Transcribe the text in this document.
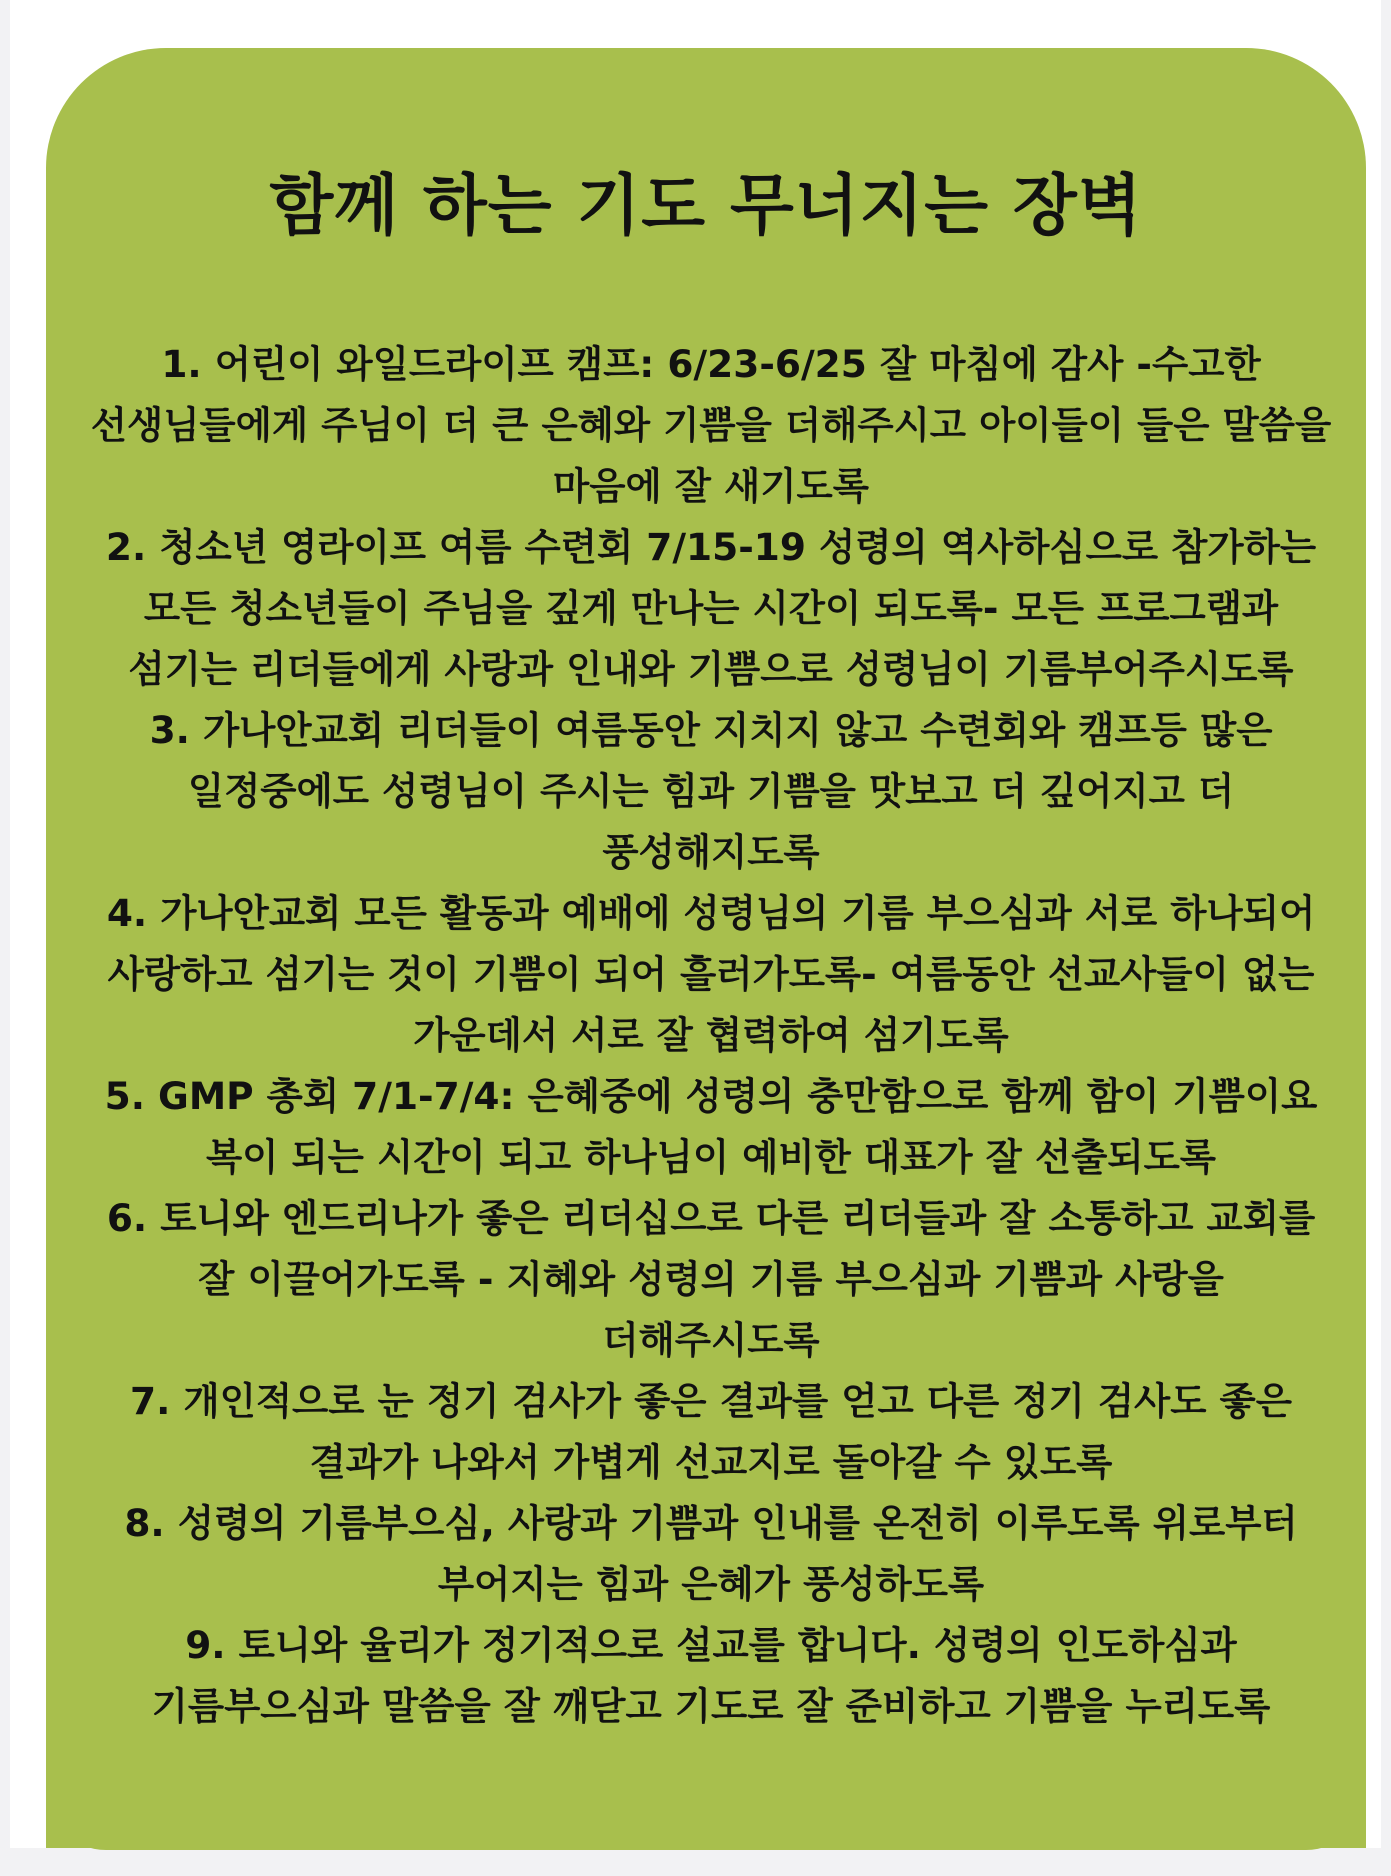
함께 하는 기도 무너지는 장벽
1. 어린이 와일드라이프 캠프: 6/23-6/25 잘 마침에 감사 -수고한 선생님들에게 주님이 더 큰 은혜와 기쁨을 더해주시고 아이들이 들은 말씀을 마음에 잘 새기도록
2. 청소년 영라이프 여름 수련회 7/15-19 성령의 역사하심으로 참가하는 모든 청소년들이 주님을 깊게 만나는 시간이 되도록- 모든 프로그램과 섬기는 리더들에게 사랑과 인내와 기쁨으로 성령님이 기름부어주시도록
3. 가나안교회 리더들이 여름동안 지치지 않고 수련회와 캠프등 많은 일정중에도 성령님이 주시는 힘과 기쁨을 맛보고 더 깊어지고 더 풍성해지도록
4. 가나안교회 모든 활동과 예배에 성령님의 기름 부으심과 서로 하나되어 사랑하고 섬기는 것이 기쁨이 되어 흘러가도록- 여름동안 선교사들이 없는 가운데서 서로 잘 협력하여 섬기도록
5. GMP 총회 7/1-7/4: 은혜중에 성령의 충만함으로 함께 함이 기쁨이요 복이 되는 시간이 되고 하나님이 예비한 대표가 잘 선출되도록
6. 토니와 엔드리나가 좋은 리더십으로 다른 리더들과 잘 소통하고 교회를 잘 이끌어가도록 - 지혜와 성령의 기름 부으심과 기쁨과 사랑을 더해주시도록
7. 개인적으로 눈 정기 검사가 좋은 결과를 얻고 다른 정기 검사도 좋은 결과가 나와서 가볍게 선교지로 돌아갈 수 있도록
8. 성령의 기름부으심, 사랑과 기쁨과 인내를 온전히 이루도록 위로부터 부어지는 힘과 은혜가 풍성하도록
9. 토니와 율리가 정기적으로 설교를 합니다. 성령의 인도하심과 기름부으심과 말씀을 잘 깨닫고 기도로 잘 준비하고 기쁨을 누리도록
